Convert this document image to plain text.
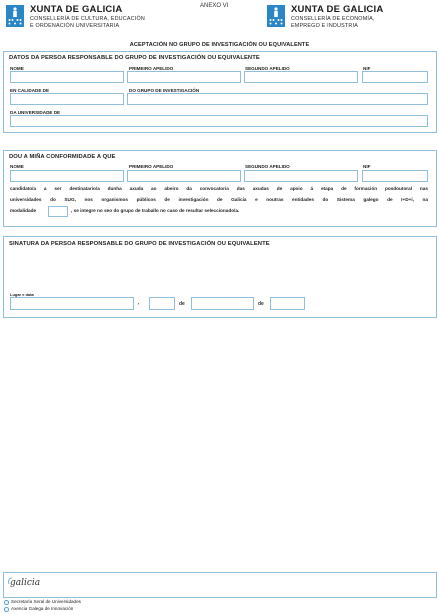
XUNTA DE GALICIA
CONSELLERÍA DE CULTURA, EDUCACIÓN
E ORDENACIÓN UNIVERSITARIA
ANEXO VI	XUNTA DE GALICIA
CONSELLERÍA DE ECONOMÍA,
EMPREGO E INDUSTRIA
ACEPTACIÓN NO GRUPO DE INVESTIGACIÓN OU EQUIVALENTE
DATOS DA PERSOA RESPONSABLE DO GRUPO DE INVESTIGACIÓN OU EQUIVALENTE
NOME	PRIMEIRO APELIDO	SEGUNDO APELIDO	NIF
EN CALIDADE DE	DO GRUPO DE INVESTIGACIÓN
DA UNIVERSIDADE DE
DOU A MIÑA CONFORMIDADE A QUE
NOME	PRIMEIRO APELIDO	SEGUNDO APELIDO	NIF
candidato/a a ser destinatario/a dunha axuda ao abeiro da convocatoria das axudas de apoio á etapa de formación posdoutoral nas
universidades do SUG, nos organismos públicos de investigación de Galicia e noutras entidades do Sistema galego de I+D+i, na
modalidade	, se integre no seo do grupo de traballo no caso de resultar seleccionado/a.
SINATURA DA PERSOA RESPONSABLE DO GRUPO DE INVESTIGACIÓN OU EQUIVALENTE
Lugar e data
,	de	de
galicia
Secretaría Xeral de Universidades
Axencia Galega de Innovación
